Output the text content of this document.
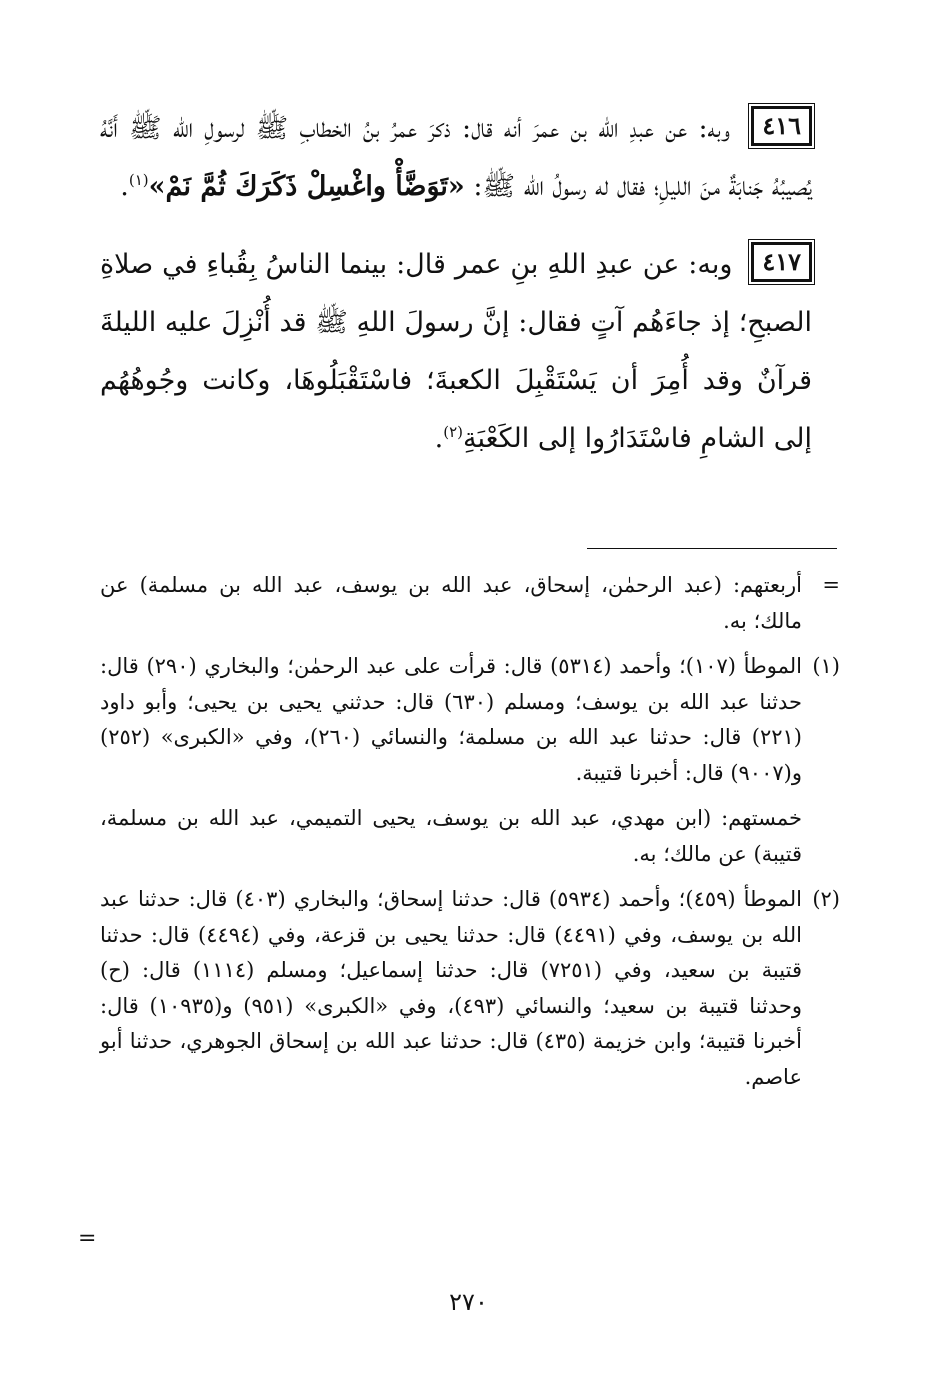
٤١٦ وبه: عن عبدِ الله بن عمرَ أنه قال: ذكرَ عمرُ بنُ الخطابِ ﷺ لرسولِ الله ﷺ أَنَّهُ يُصيبُهُ جَنابَةٌ منَ الليلِ؛ فقال له رسولُ الله ﷺ: «تَوَضَّأْ واغْسِلْ ذَكَرَكَ ثُمَّ نَمْ»$^{(١)}$.

٤١٧ وبه: عن عبدِ اللهِ بنِ عمر قال: بينما الناسُ بِقُباءِ في صلاةِ الصبحِ؛ إذ جاءَهُم آتٍ فقال: إنَّ رسولَ اللهِ ﷺ قد أُنْزِلَ عليه الليلةَ قرآنٌ وقد أُمِرَ أن يَسْتَقْبِلَ الكعبةَ؛ فاسْتَقْبَلُوهَا، وكانت وجُوهُهُم إلى الشامِ فاسْتَدَارُوا إلى الكَعْبَةِ$^{(٢)}$.

=
أربعتهم: (عبد الرحمٰن، إسحاق، عبد الله بن يوسف، عبد الله بن مسلمة) عن مالك؛ به.
(١)
الموطأ (١٠٧)؛ وأحمد (٥٣١٤) قال: قرأت على عبد الرحمٰن؛ والبخاري (٢٩٠) قال: حدثنا عبد الله بن يوسف؛ ومسلم (٦٣٠) قال: حدثني يحيى بن يحيى؛ وأبو داود (٢٢١) قال: حدثنا عبد الله بن مسلمة؛ والنسائي (٢٦٠)، وفي «الكبرى» (٢٥٢) و(٩٠٠٧) قال: أخبرنا قتيبة.
خمستهم: (ابن مهدي، عبد الله بن يوسف، يحيى التميمي، عبد الله بن مسلمة، قتيبة) عن مالك؛ به.
(٢)
الموطأ (٤٥٩)؛ وأحمد (٥٩٣٤) قال: حدثنا إسحاق؛ والبخاري (٤٠٣) قال: حدثنا عبد الله بن يوسف، وفي (٤٤٩١) قال: حدثنا يحيى بن قزعة، وفي (٤٤٩٤) قال: حدثنا قتيبة بن سعيد، وفي (٧٢٥١) قال: حدثنا إسماعيل؛ ومسلم (١١١٤) قال: (ح) وحدثنا قتيبة بن سعيد؛ والنسائي (٤٩٣)، وفي «الكبرى» (٩٥١) و(١٠٩٣٥) قال: أخبرنا قتيبة؛ وابن خزيمة (٤٣٥) قال: حدثنا عبد الله بن إسحاق الجوهري، حدثنا أبو عاصم.
=
٢٧٠
